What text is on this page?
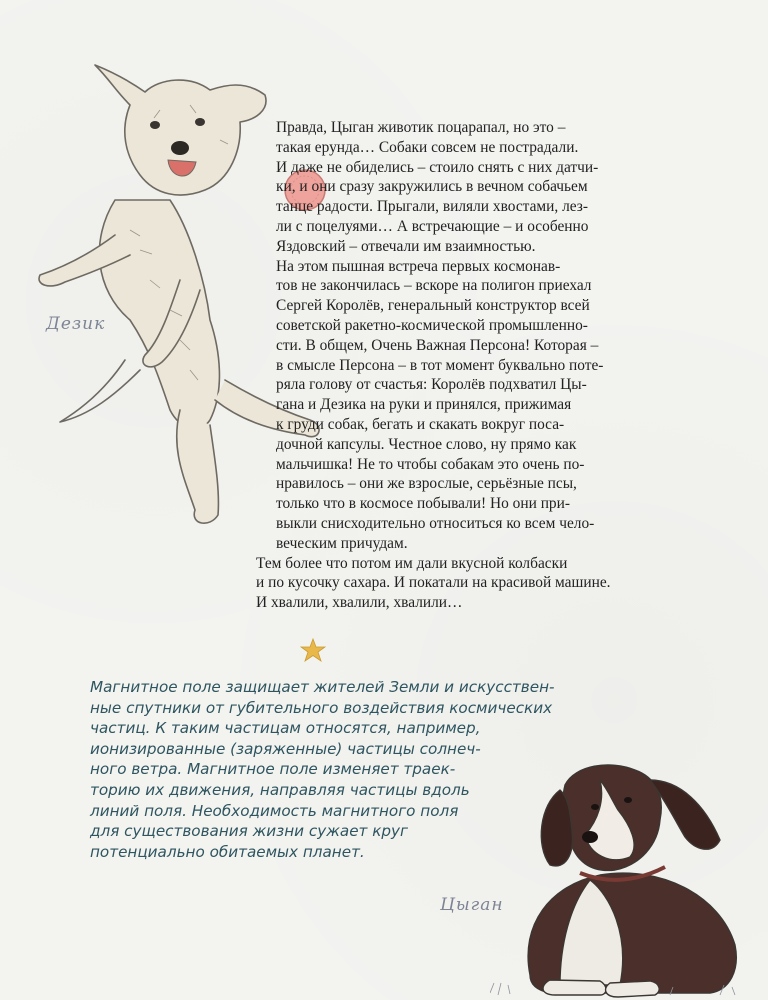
Дезик

Правда, Цыган животик поцарапал, но это –
такая ерунда… Собаки совсем не пострадали.
И даже не обиделись – стоило снять с них датчи-
ки, и они сразу закружились в вечном собачьем
танце радости. Прыгали, виляли хвостами, лез-
ли с поцелуями… А встречающие – и особенно
Яздовский – отвечали им взаимностью.

На этом пышная встреча первых космонав-
тов не закончилась – вскоре на полигон приехал
Сергей Королёв, генеральный конструктор всей
советской ракетно-космической промышленно-
сти. В общем, Очень Важная Персона! Которая –
в смысле Персона – в тот момент буквально поте-
ряла голову от счастья: Королёв подхватил Цы-
гана и Дезика на руки и принялся, прижимая
к груди собак, бегать и скакать вокруг поса-
дочной капсулы. Честное слово, ну прямо как
мальчишка! Не то чтобы собакам это очень по-
нравилось – они же взрослые, серьёзные псы,
только что в космосе побывали! Но они при-
выкли снисходительно относиться ко всем чело-
веческим причудам.

Тем более что потом им дали вкусной колбаски
и по кусочку сахара. И покатали на красивой машине.
И хвалили, хвалили, хвалили…

Магнитное поле защищает жителей Земли и искусствен-
ные спутники от губительного воздействия космических
частиц. К таким частицам относятся, например,
ионизированные (заряженные) частицы солнеч-
ного ветра. Магнитное поле изменяет траек-
торию их движения, направляя частицы вдоль
линий поля. Необходимость магнитного поля
для существования жизни сужает круг
потенциально обитаемых планет.
Цыган
